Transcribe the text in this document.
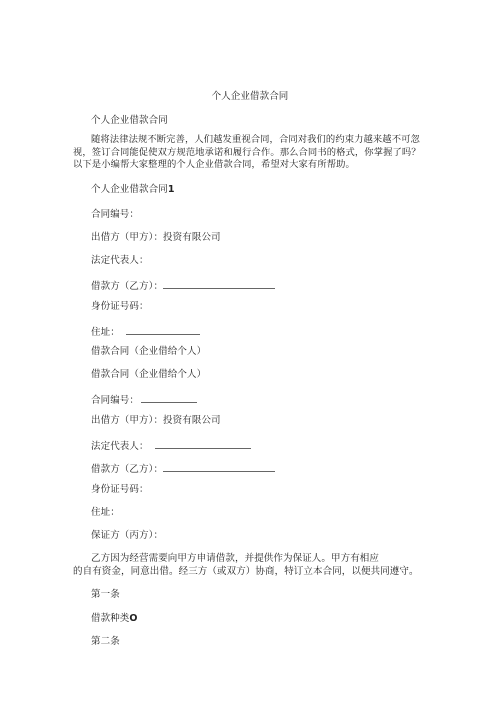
个人企业借款合同
个人企业借款合同
随将法律法规不断完善，人们越发重视合同，合同对我们的约束力越来越不可忽视，签订合同能促使双方规范地承诺和履行合作。那么合同书的格式，你掌握了吗？以下是小编帮大家整理的个人企业借款合同，希望对大家有所帮助。
个人企业借款合同1
合同编号：
出借方（甲方）：投资有限公司
法定代表人：
借款方（乙方）：
身份证号码：
住址：
借款合同（企业借给个人）
借款合同（企业借给个人）
合同编号：
出借方（甲方）：投资有限公司
法定代表人：
借款方（乙方）：
身份证号码：
住址：
保证方（丙方）：
乙方因为经营需要向甲方申请借款，并提供作为保证人。甲方有相应
的自有资金，同意出借。经三方（或双方）协商，特订立本合同，以便共同遵守。
第一条
借款种类O
第二条
